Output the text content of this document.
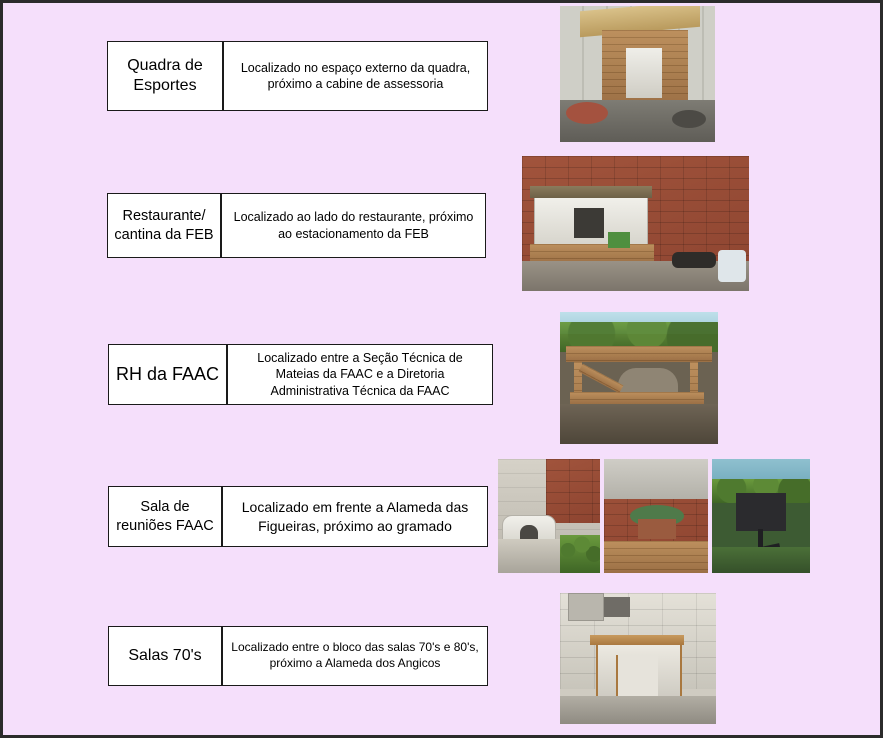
Quadra de Esportes
Localizado no espaço externo da quadra, próximo a cabine de assessoria
Restaurante/ cantina da FEB
Localizado ao lado do restaurante, próximo ao estacionamento da FEB
RH da FAAC
Localizado entre a Seção Técnica de Mateias da FAAC e a Diretoria Administrativa Técnica da FAAC
Sala de reuniões FAAC
Localizado em frente a Alameda das Figueiras, próximo ao gramado
Salas 70's	Localizado entre o bloco das salas 70's e 80's, próximo a Alameda dos Angicos
